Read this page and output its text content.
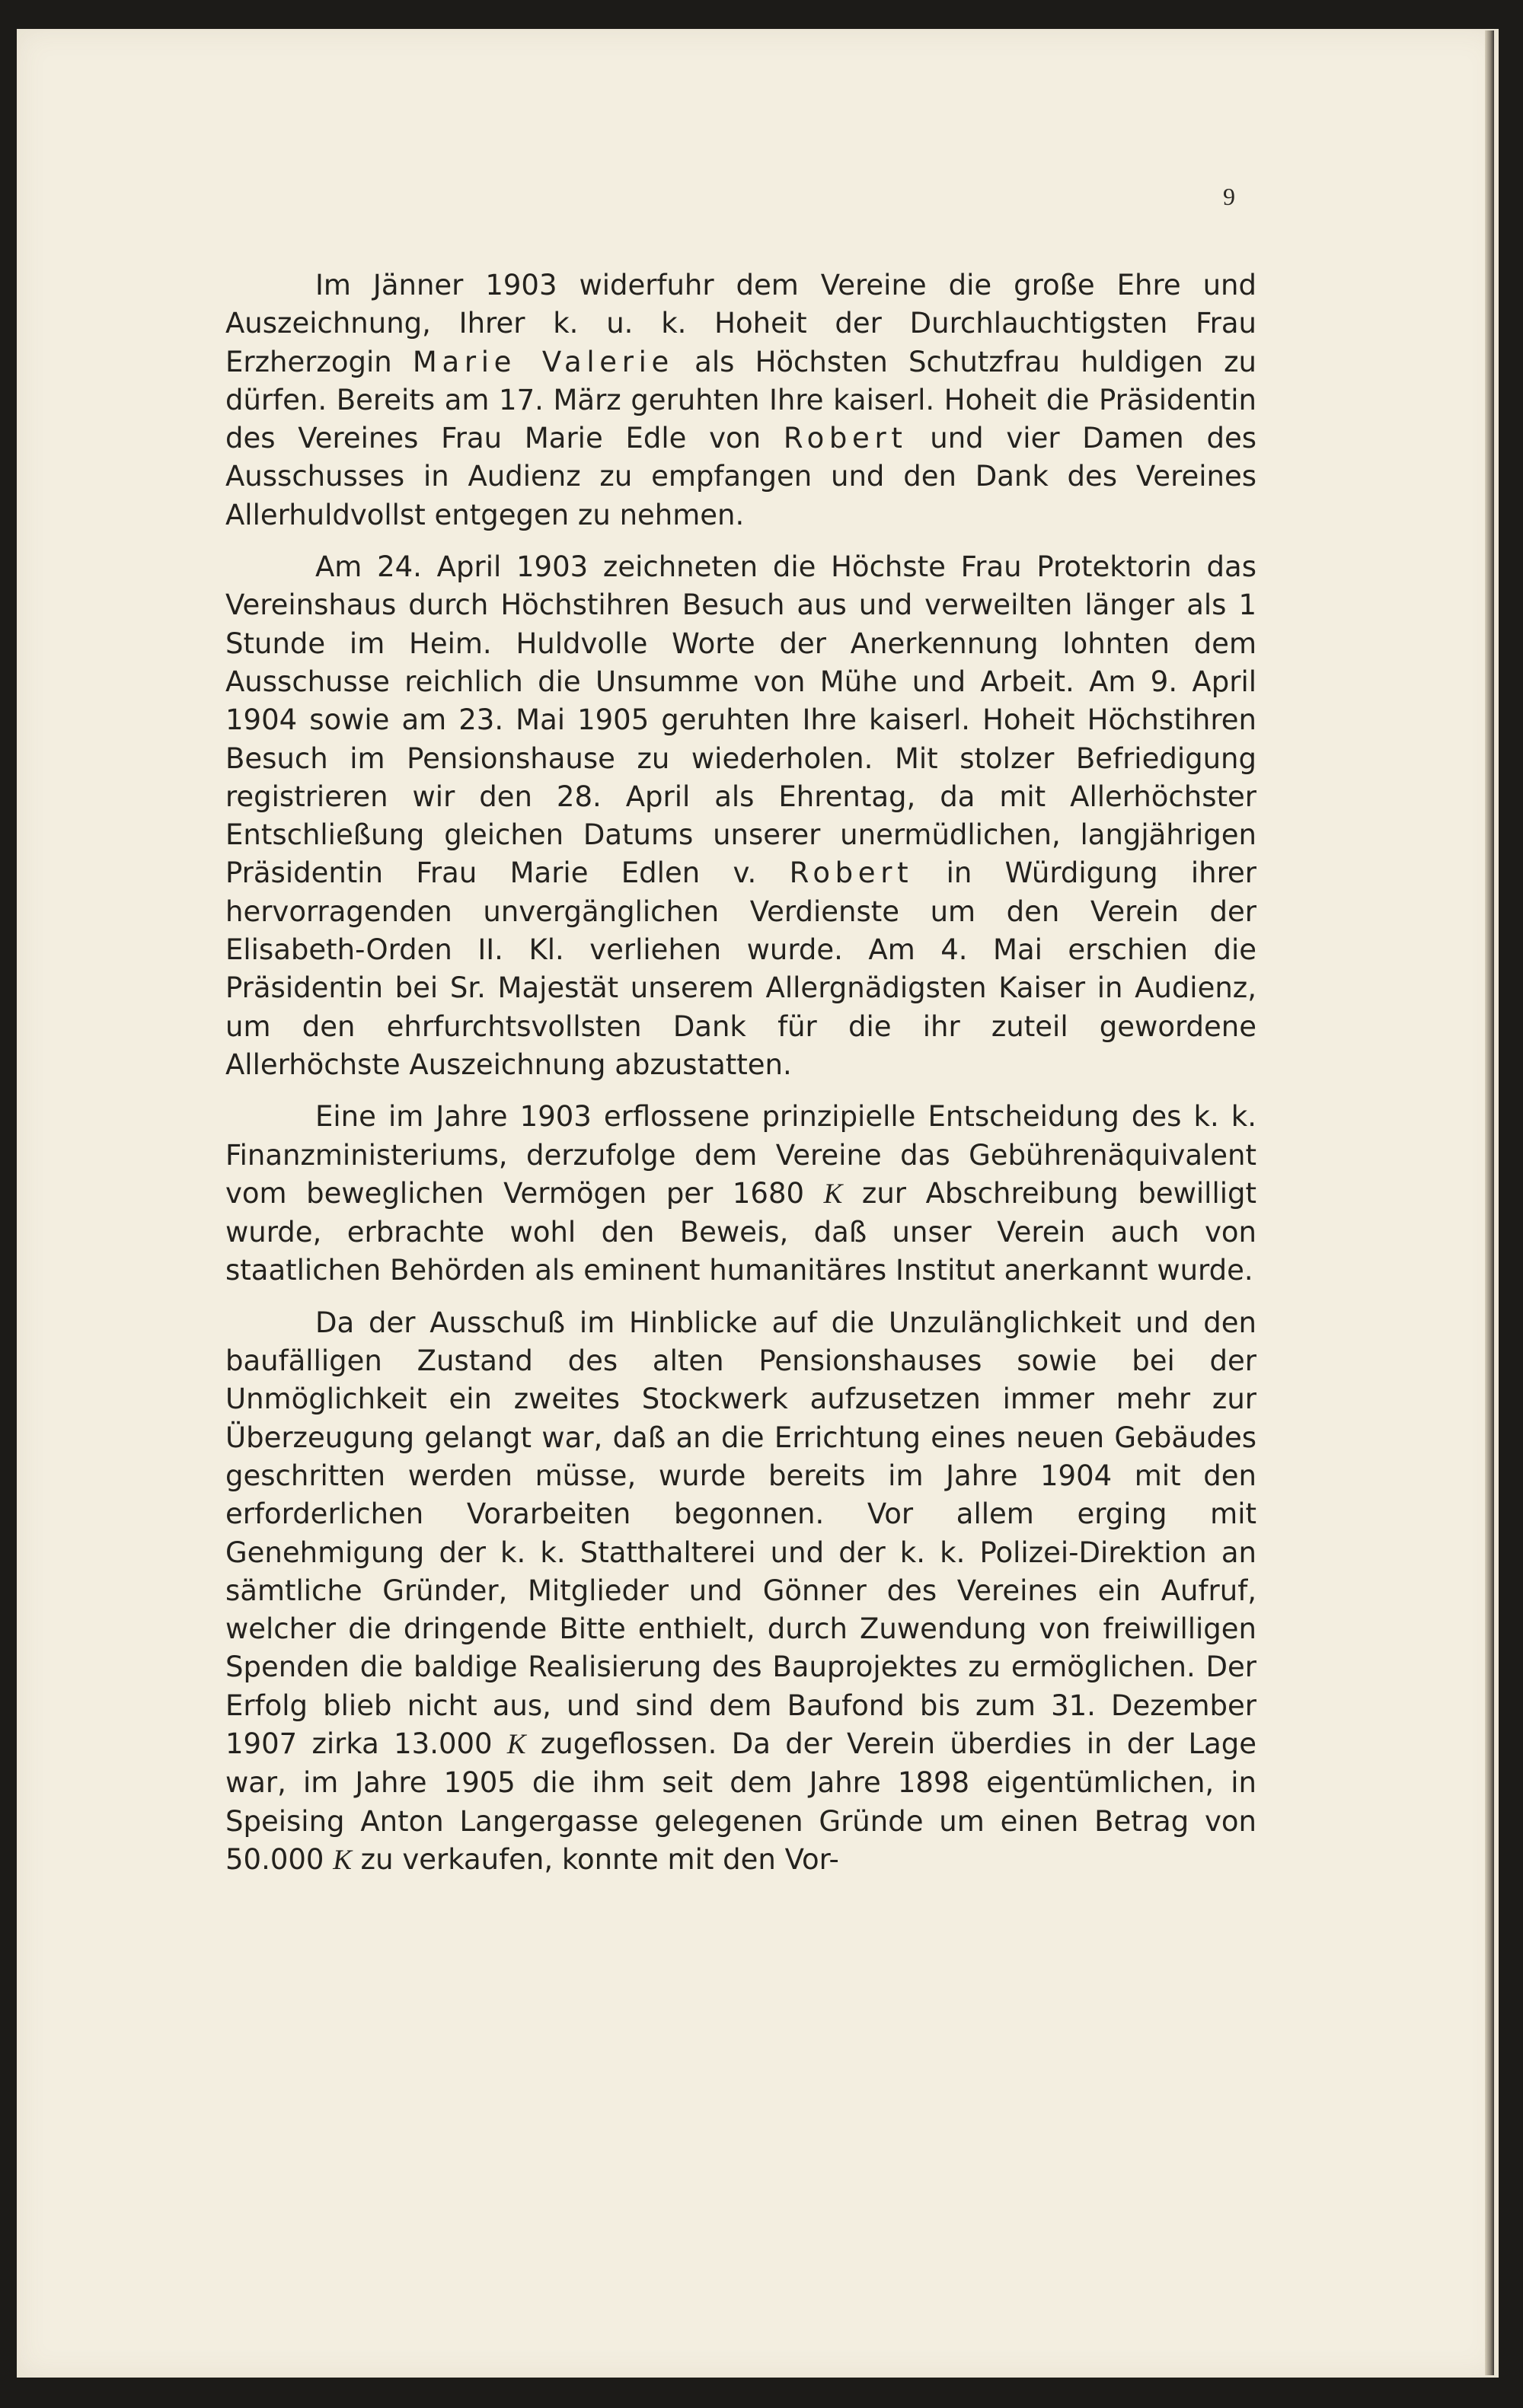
9

Im Jänner 1903 widerfuhr dem Vereine die große Ehre und Auszeichnung, Ihrer k. u. k. Hoheit der Durchlauchtigsten Frau Erzherzogin Marie Valerie als Höchsten Schutzfrau huldigen zu dürfen. Bereits am 17. März geruhten Ihre kaiserl. Hoheit die Präsidentin des Vereines Frau Marie Edle von Robert und vier Damen des Ausschusses in Audienz zu empfangen und den Dank des Vereines Allerhuldvollst entgegen zu nehmen.

Am 24. April 1903 zeichneten die Höchste Frau Protektorin das Vereinshaus durch Höchstihren Besuch aus und verweilten länger als 1 Stunde im Heim. Huldvolle Worte der Anerkennung lohnten dem Ausschusse reichlich die Unsumme von Mühe und Arbeit. Am 9. April 1904 sowie am 23. Mai 1905 geruhten Ihre kaiserl. Hoheit Höchstihren Besuch im Pensionshause zu wiederholen. Mit stolzer Befriedigung registrieren wir den 28. April als Ehrentag, da mit Allerhöchster Entschließung gleichen Datums unserer unermüdlichen, langjährigen Präsidentin Frau Marie Edlen v. Robert in Würdigung ihrer hervorragenden unvergänglichen Verdienste um den Verein der Elisabeth-Orden II. Kl. verliehen wurde. Am 4. Mai erschien die Präsidentin bei Sr. Majestät unserem Allergnädigsten Kaiser in Audienz, um den ehrfurchtsvollsten Dank für die ihr zuteil gewordene Allerhöchste Auszeichnung abzustatten.

Eine im Jahre 1903 erflossene prinzipielle Entscheidung des k. k. Finanzministeriums, derzufolge dem Vereine das Gebührenäquivalent vom beweglichen Vermögen per 1680 K zur Abschreibung bewilligt wurde, erbrachte wohl den Beweis, daß unser Verein auch von staatlichen Behörden als eminent humanitäres Institut anerkannt wurde.

Da der Ausschuß im Hinblicke auf die Unzulänglichkeit und den baufälligen Zustand des alten Pensionshauses sowie bei der Unmöglichkeit ein zweites Stockwerk aufzusetzen immer mehr zur Überzeugung gelangt war, daß an die Errichtung eines neuen Gebäudes geschritten werden müsse, wurde bereits im Jahre 1904 mit den erforderlichen Vorarbeiten begonnen. Vor allem erging mit Genehmigung der k. k. Statthalterei und der k. k. Polizei-Direktion an sämtliche Gründer, Mitglieder und Gönner des Vereines ein Aufruf, welcher die dringende Bitte enthielt, durch Zuwendung von freiwilligen Spenden die baldige Realisierung des Bauprojektes zu ermöglichen. Der Erfolg blieb nicht aus, und sind dem Baufond bis zum 31. Dezember 1907 zirka 13.000 K zugeflossen. Da der Verein überdies in der Lage war, im Jahre 1905 die ihm seit dem Jahre 1898 eigentümlichen, in Speising Anton Langergasse gelegenen Gründe um einen Betrag von 50.000 K zu verkaufen, konnte mit den Vor-
